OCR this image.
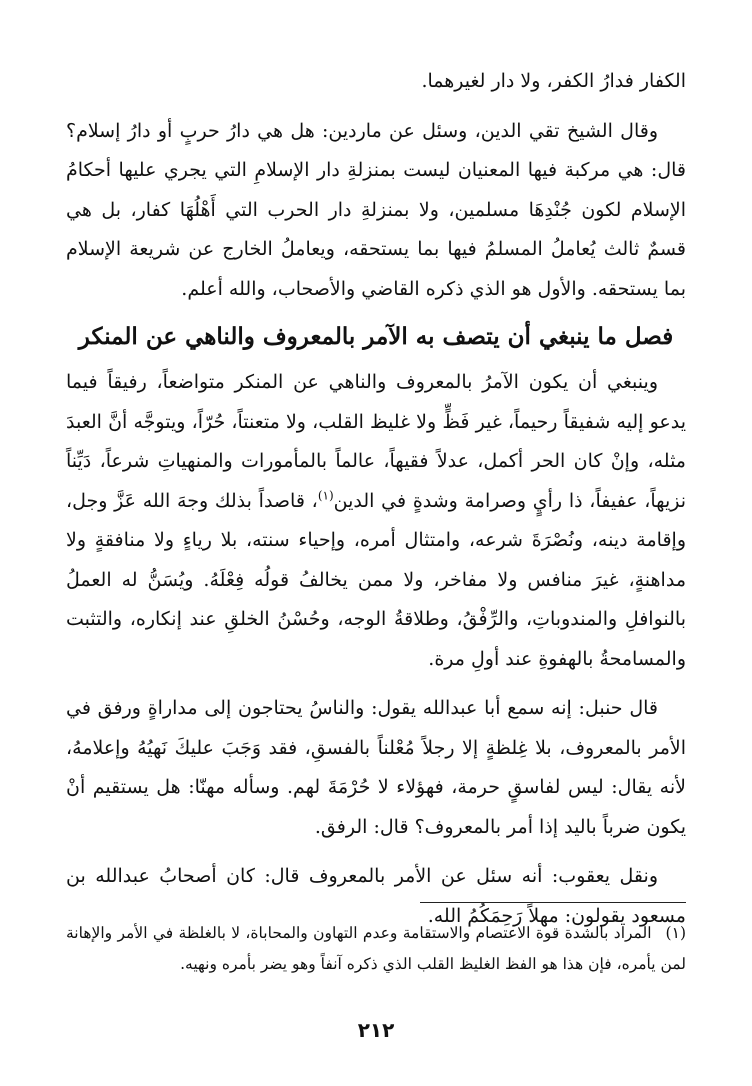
الكفار فدارُ الكفر، ولا دار لغيرهما.

وقال الشيخ تقي الدين، وسئل عن ماردين: هل هي دارُ حربٍ أو دارُ إسلام؟ قال: هي مركبة فيها المعنيان ليست بمنزلةِ دار الإسلامِ التي يجري عليها أحكامُ الإسلام لكون جُنْدِهَا مسلمين، ولا بمنزلةِ دار الحرب التي أَهْلُهَا كفار، بل هي قسمٌ ثالث يُعاملُ المسلمُ فيها بما يستحقه، ويعاملُ الخارج عن شريعة الإسلام بما يستحقه. والأول هو الذي ذكره القاضي والأصحاب، والله أعلم.

فصل ما ينبغي أن يتصف به الآمر بالمعروف والناهي عن المنكر

وينبغي أن يكون الآمرُ بالمعروف والناهي عن المنكر متواضعاً، رفيقاً فيما يدعو إليه شفيقاً رحيماً، غير فَظٍّ ولا غليظ القلب، ولا متعنتاً، حُرّاً، ويتوجَّه أنَّ العبدَ مثله، وإنْ كان الحر أكمل، عدلاً فقيهاً، عالماً بالمأمورات والمنهياتِ شرعاً، دَيِّناً نزيهاً، عفيفاً، ذا رأيٍ وصرامة وشدةٍ في الدين$^{(١)}$، قاصداً بذلك وجهَ الله عَزَّ وجل، وإقامة دينه، ونُصْرَةَ شرعه، وامتثال أمره، وإحياء سنته، بلا رياءٍ ولا منافقةٍ ولا مداهنةٍ، غيرَ منافس ولا مفاخر، ولا ممن يخالفُ قولُه فِعْلَهُ. ويُسَنُّ له العملُ بالنوافلِ والمندوباتِ، والرِّفْقُ، وطلاقةُ الوجه، وحُسْنُ الخلقِ عند إنكاره، والتثبت والمسامحةُ بالهفوةِ عند أولِ مرة.

قال حنبل: إنه سمع أبا عبدالله يقول: والناسُ يحتاجون إلى مداراةٍ ورفق في الأمر بالمعروف، بلا غِلظةٍ إلا رجلاً مُعْلناً بالفسقِ، فقد وَجَبَ عليكَ نَهيُهُ وإعلامهُ، لأنه يقال: ليس لفاسقٍ حرمة، فهؤلاء لا حُرْمَةَ لهم. وسأله مهنّا: هل يستقيم أنْ يكون ضرباً باليد إذا أمر بالمعروف؟ قال: الرفق.

ونقل يعقوب: أنه سئل عن الأمر بالمعروف قال: كان أصحابُ عبدالله بن مسعود يقولون: مهلاً رَحِمَكُمُ الله.

(١)المراد بالشدة قوة الاعتصام والاستقامة وعدم التهاون والمحاباة، لا بالغلظة في الأمر والإهانة لمن يأمره، فإن هذا هو الفظ الغليظ القلب الذي ذكره آنفاً وهو يضر بأمره ونهيه.
٢١٢
